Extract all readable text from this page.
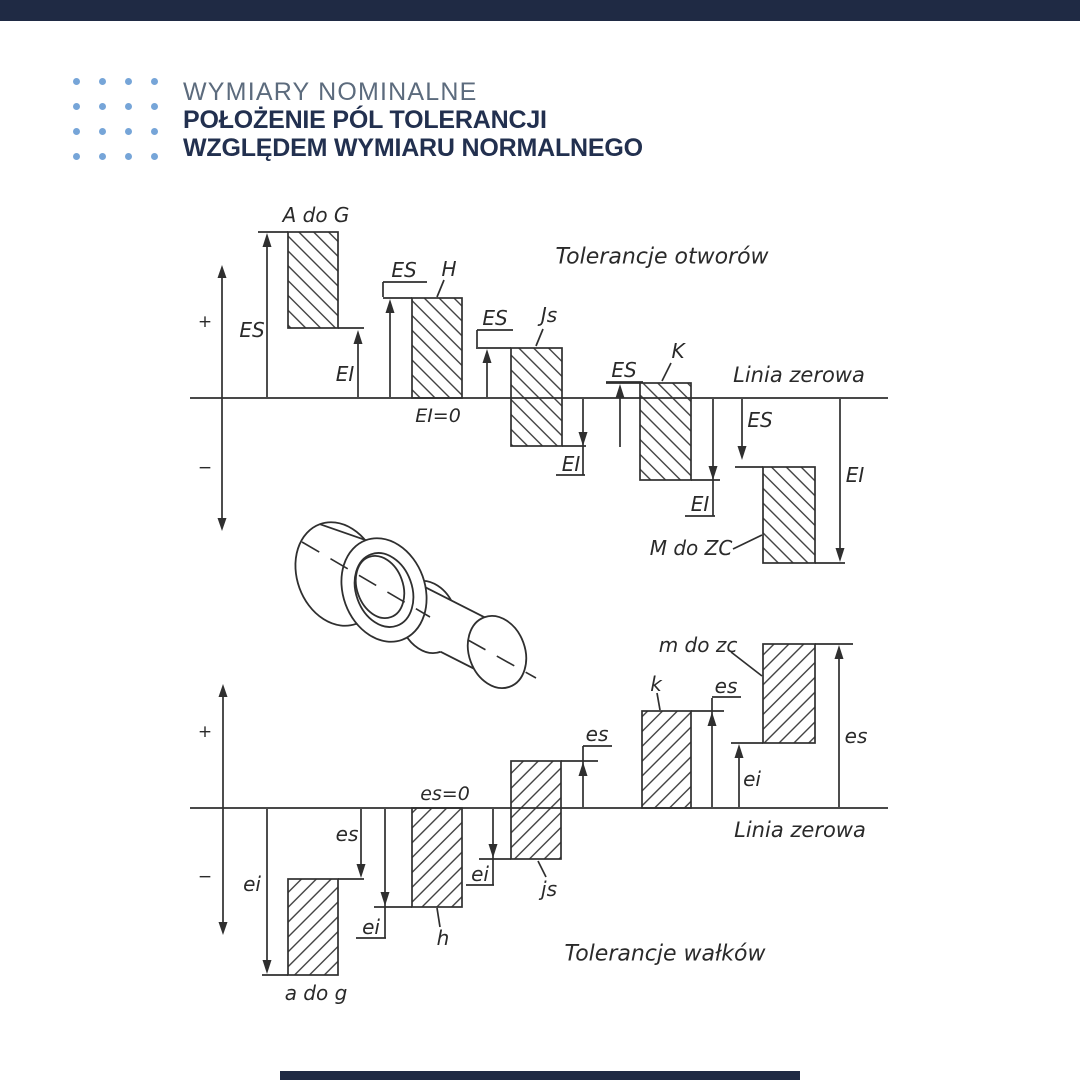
WYMIARY NOMINALNE
POŁOŻENIE PÓL TOLERANCJI
WZGLĘDEM WYMIARU NORMALNEGO
Tolerancje otworów
+
−
ES
EI
A do G
ES H
EI=0
ES Js
EI
ES
K
EI
ES
EI
M do ZC
Linia zerowa
Tolerancje wałków
+
− ei
es
a do g
ei	h
es=0
es
js
ei
k	es
ei
es
m do zc
Linia zerowa
